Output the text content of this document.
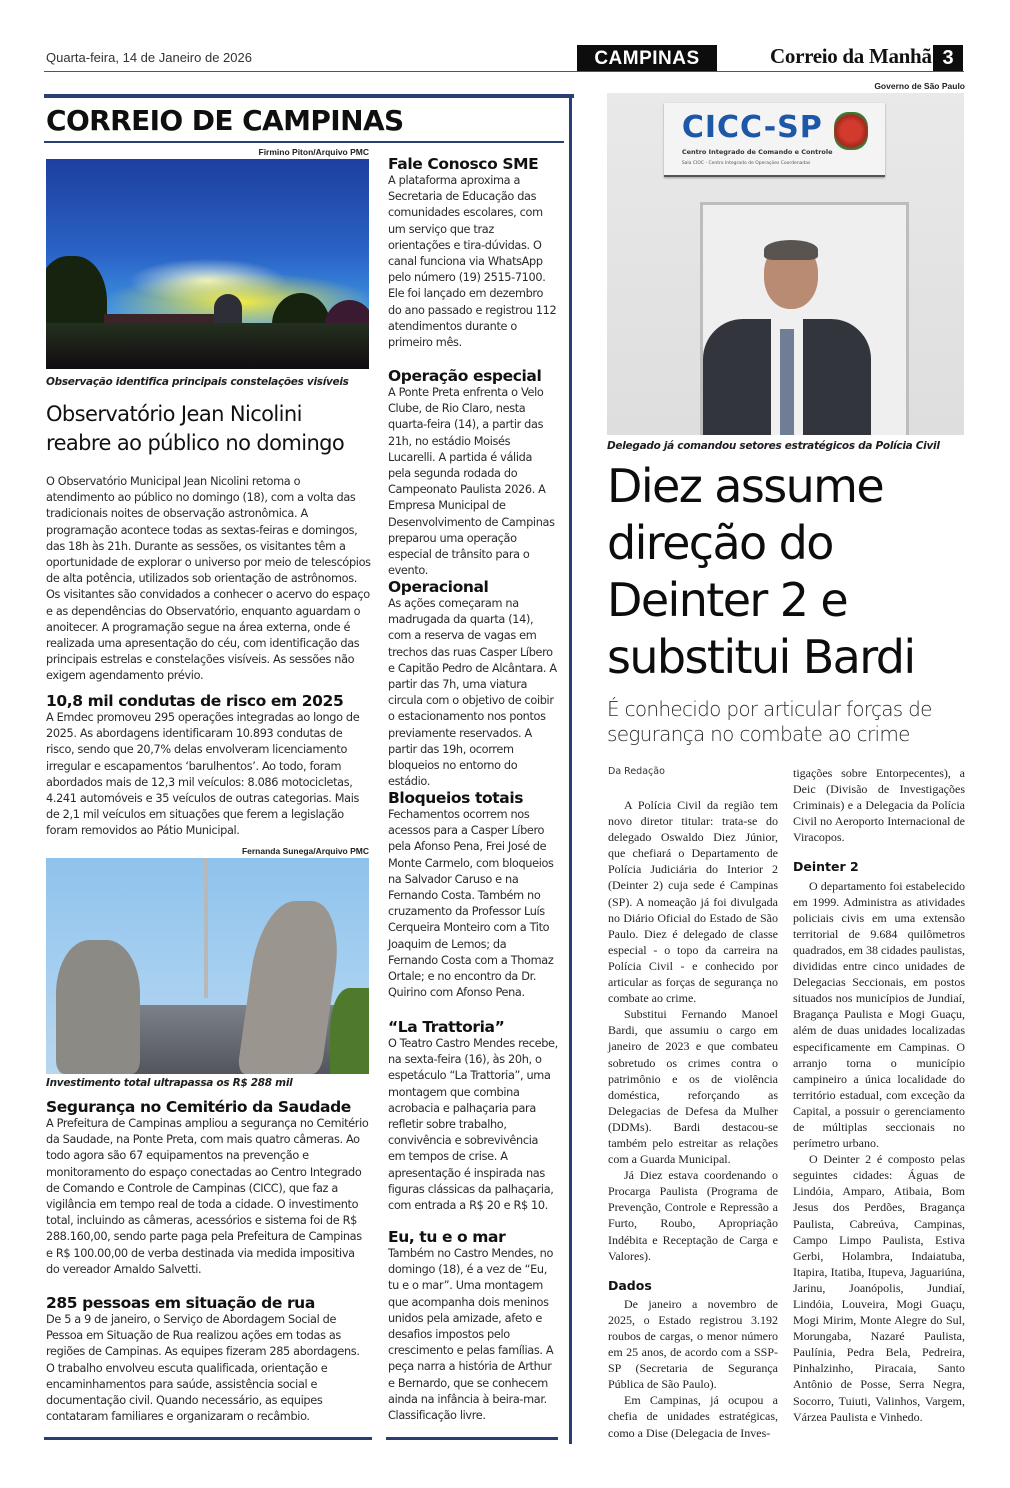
Quarta-feira, 14 de Janeiro de 2026	CAMPINAS	Correio da Manhã 3
CORREIO DE CAMPINAS
Firmino Piton/Arquivo PMC
Observação identifica principais constelações visíveis
Observatório Jean Nicolini
reabre ao público no domingo
O Observatório Municipal Jean Nicolini retoma o atendimento ao público no domingo (18), com a volta das tradicionais noites de observação astronômica. A programação acontece todas as sextas-feiras e domingos, das 18h às 21h. Durante as sessões, os visitantes têm a oportunidade de explorar o universo por meio de telescópios de alta potência, utilizados sob orientação de astrônomos. Os visitantes são convidados a conhecer o acervo do espaço e as dependências do Observatório, enquanto aguardam o anoitecer. A programação segue na área externa, onde é realizada uma apresentação do céu, com identificação das principais estrelas e constelações visíveis. As sessões não exigem agendamento prévio.
10,8 mil condutas de risco em 2025
A Emdec promoveu 295 operações integradas ao longo de 2025. As abordagens identificaram 10.893 condutas de risco, sendo que 20,7% delas envolveram licenciamento irregular e escapamentos ‘barulhentos’. Ao todo, foram abordados mais de 12,3 mil veículos: 8.086 motocicletas, 4.241 automóveis e 35 veículos de outras categorias. Mais de 2,1 mil veículos em situações que ferem a legislação foram removidos ao Pátio Municipal.
Fernanda Sunega/Arquivo PMC
Investimento total ultrapassa os R$ 288 mil
Segurança no Cemitério da Saudade
A Prefeitura de Campinas ampliou a segurança no Cemitério da Saudade, na Ponte Preta, com mais quatro câmeras. Ao todo agora são 67 equipamentos na prevenção e monitoramento do espaço conectadas ao Centro Integrado de Comando e Controle de Campinas (CICC), que faz a vigilância em tempo real de toda a cidade. O investimento total, incluindo as câmeras, acessórios e sistema foi de R$ 288.160,00, sendo parte paga pela Prefeitura de Campinas e R$ 100.00,00 de verba destinada via medida impositiva do vereador Arnaldo Salvetti.
285 pessoas em situação de rua
De 5 a 9 de janeiro, o Serviço de Abordagem Social de Pessoa em Situação de Rua realizou ações em todas as regiões de Campinas. As equipes fizeram 285 abordagens. O trabalho envolveu escuta qualificada, orientação e encaminhamentos para saúde, assistência social e documentação civil. Quando necessário, as equipes contataram familiares e organizaram o recâmbio.
Fale Conosco SME
A plataforma aproxima a Secretaria de Educação das comunidades escolares, com um serviço que traz orientações e tira-dúvidas. O canal funciona via WhatsApp pelo número (19) 2515-7100. Ele foi lançado em dezembro do ano passado e registrou 112 atendimentos durante o primeiro mês.
Operação especial
A Ponte Preta enfrenta o Velo Clube, de Rio Claro, nesta quarta-feira (14), a partir das 21h, no estádio Moisés Lucarelli. A partida é válida pela segunda rodada do Campeonato Paulista 2026. A Empresa Municipal de Desenvolvimento de Campinas preparou uma operação especial de trânsito para o evento.
Operacional
As ações começaram na madrugada da quarta (14), com a reserva de vagas em trechos das ruas Casper Líbero e Capitão Pedro de Alcântara. A partir das 7h, uma viatura circula com o objetivo de coibir o estacionamento nos pontos previamente reservados. A partir das 19h, ocorrem bloqueios no entorno do estádio.
Bloqueios totais
Fechamentos ocorrem nos acessos para a Casper Líbero pela Afonso Pena, Frei José de Monte Carmelo, com bloqueios na Salvador Caruso e na Fernando Costa. Também no cruzamento da Professor Luís Cerqueira Monteiro com a Tito Joaquim de Lemos; da Fernando Costa com a Thomaz Ortale; e no encontro da Dr. Quirino com Afonso Pena.
“La Trattoria”
O Teatro Castro Mendes recebe, na sexta-feira (16), às 20h, o espetáculo “La Trattoria”, uma montagem que combina acrobacia e palhaçaria para refletir sobre trabalho, convivência e sobrevivência em tempos de crise. A apresentação é inspirada nas figuras clássicas da palhaçaria, com entrada a R$ 20 e R$ 10.
Eu, tu e o mar
Também no Castro Mendes, no domingo (18), é a vez de “Eu, tu e o mar”. Uma montagem que acompanha dois meninos unidos pela amizade, afeto e desafios impostos pelo crescimento e pelas famílias. A peça narra a história de Arthur e Bernardo, que se conhecem ainda na infância à beira-mar. Classificação livre.
Governo de São Paulo
CICC-SP
Centro Integrado de Comando e Controle
Sala CIOC - Centro Integrado de Operações Coordenadas
Delegado já comandou setores estratégicos da Polícia Civil
Diez assume
direção do
Deinter 2 e
substitui Bardi
É conhecido por articular forças de
segurança no combate ao crime
Da Redação

A Polícia Civil da região tem novo diretor titular: trata-se do delegado Oswaldo Diez Júnior, que chefiará o Departamento de Polícia Judiciária do Interior 2 (Deinter 2) cuja sede é Campinas (SP). A nomeação já foi divulgada no Diário Oficial do Estado de São Paulo. Diez é delegado de classe especial - o topo da carreira na Polícia Civil - e conhecido por articular as forças de segurança no combate ao crime.

Substitui Fernando Manoel Bardi, que assumiu o cargo em janeiro de 2023 e que combateu sobretudo os crimes contra o patrimônio e os de violência doméstica, reforçando as Delegacias de Defesa da Mulher (DDMs). Bardi destacou-se também pelo estreitar as relações com a Guarda Municipal.

Já Diez estava coordenando o Procarga Paulista (Programa de Prevenção, Controle e Repressão a Furto, Roubo, Apropriação Indébita e Receptação de Carga e Valores).

Dados

De janeiro a novembro de 2025, o Estado registrou 3.192 roubos de cargas, o menor número em 25 anos, de acordo com a SSP-SP (Secretaria de Segurança Pública de São Paulo).

Em Campinas, já ocupou a chefia de unidades estratégicas, como a Dise (Delegacia de Inves-

tigações sobre Entorpecentes), a Deic (Divisão de Investigações Criminais) e a Delegacia da Polícia Civil no Aeroporto Internacional de Viracopos.

Deinter 2

O departamento foi estabelecido em 1999. Administra as atividades policiais civis em uma extensão territorial de 9.684 quilômetros quadrados, em 38 cidades paulistas, divididas entre cinco unidades de Delegacias Seccionais, em postos situados nos municípios de Jundiaí, Bragança Paulista e Mogi Guaçu, além de duas unidades localizadas especificamente em Campinas. O arranjo torna o município campineiro a única localidade do território estadual, com exceção da Capital, a possuir o gerenciamento de múltiplas seccionais no perímetro urbano.

O Deinter 2 é composto pelas seguintes cidades: Águas de Lindóia, Amparo, Atibaia, Bom Jesus dos Perdões, Bragança Paulista, Cabreúva, Campinas, Campo Limpo Paulista, Estiva Gerbi, Holambra, Indaiatuba, Itapira, Itatiba, Itupeva, Jaguariúna, Jarinu, Joanópolis, Jundiaí, Lindóia, Louveira, Mogi Guaçu, Mogi Mirim, Monte Alegre do Sul, Morungaba, Nazaré Paulista, Paulínia, Pedra Bela, Pedreira, Pinhalzinho, Piracaia, Santo Antônio de Posse, Serra Negra, Socorro, Tuiuti, Valinhos, Vargem, Várzea Paulista e Vinhedo.
